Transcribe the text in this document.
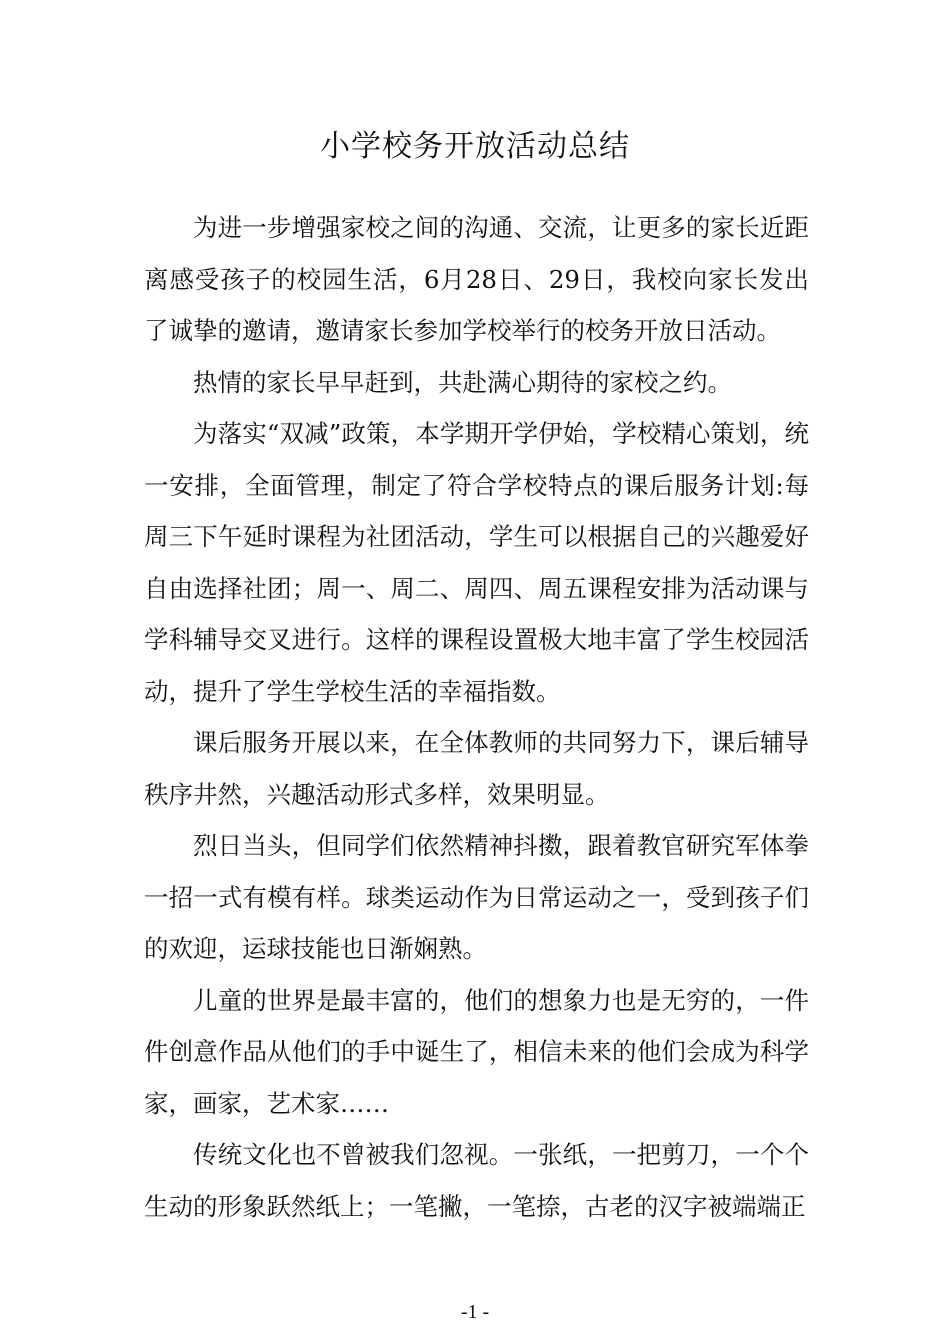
小学校务开放活动总结

为进一步增强家校之间的沟通、交流，让更多的家长近距离感受孩子的校园生活，6月28日、29日，我校向家长发出了诚挚的邀请，邀请家长参加学校举行的校务开放日活动。

热情的家长早早赶到，共赴满心期待的家校之约。

为落实“双减”政策，本学期开学伊始，学校精心策划，统一安排，全面管理，制定了符合学校特点的课后服务计划:每周三下午延时课程为社团活动，学生可以根据自己的兴趣爱好自由选择社团；周一、周二、周四、周五课程安排为活动课与学科辅导交叉进行。这样的课程设置极大地丰富了学生校园活动，提升了学生学校生活的幸福指数。

课后服务开展以来，在全体教师的共同努力下，课后辅导秩序井然，兴趣活动形式多样，效果明显。

烈日当头，但同学们依然精神抖擞，跟着教官研究军体拳一招一式有模有样。球类运动作为日常运动之一，受到孩子们的欢迎，运球技能也日渐娴熟。

儿童的世界是最丰富的，他们的想象力也是无穷的，一件件创意作品从他们的手中诞生了，相信未来的他们会成为科学家，画家，艺术家……

传统文化也不曾被我们忽视。一张纸，一把剪刀，一个个生动的形象跃然纸上；一笔撇，一笔捺，古老的汉字被端端正

-1 -
